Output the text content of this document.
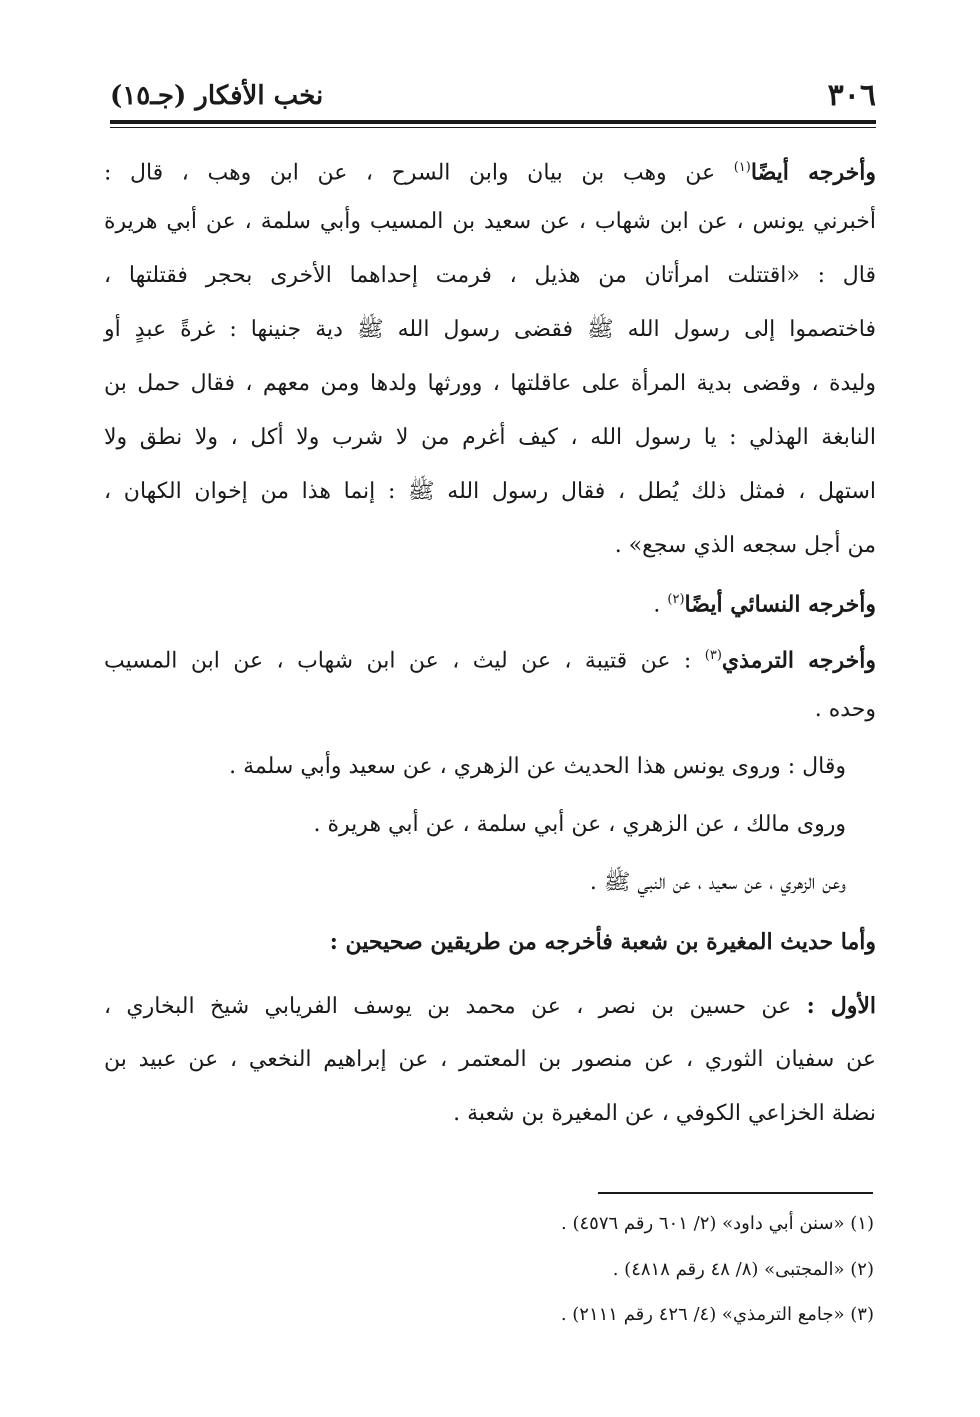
٣٠٦
نخب الأفكار (جـ١٥)
وأخرجه أيضًا$^{(١)}$ عن وهب بن بيان وابن السرح ، عن ابن وهب ، قال :
أخبرني يونس ، عن ابن شهاب ، عن سعيد بن المسيب وأبي سلمة ، عن أبي هريرة
قال : «اقتتلت امرأتان من هذيل ، فرمت إحداهما الأخرى بحجر فقتلتها ،
فاختصموا إلى رسول الله ﷺ فقضى رسول الله ﷺ دية جنينها : غرةً عبدٍ أو
وليدة ، وقضى بدية المرأة على عاقلتها ، وورثها ولدها ومن معهم ، فقال حمل بن
النابغة الهذلي : يا رسول الله ، كيف أغرم من لا شرب ولا أكل ، ولا نطق ولا
استهل ، فمثل ذلك يُطل ، فقال رسول الله ﷺ : إنما هذا من إخوان الكهان ،
من أجل سجعه الذي سجع» .
وأخرجه النسائي أيضًا$^{(٢)}$ .
وأخرجه الترمذي$^{(٣)}$ : عن قتيبة ، عن ليث ، عن ابن شهاب ، عن ابن المسيب
وحده .
وقال : وروى يونس هذا الحديث عن الزهري ، عن سعيد وأبي سلمة .
وروى مالك ، عن الزهري ، عن أبي سلمة ، عن أبي هريرة .
وعن الزهري ، عن سعيد ، عن النبي ﷺ .
وأما حديث المغيرة بن شعبة فأخرجه من طريقين صحيحين :
الأول : عن حسين بن نصر ، عن محمد بن يوسف الفريابي شيخ البخاري ،
عن سفيان الثوري ، عن منصور بن المعتمر ، عن إبراهيم النخعي ، عن عبيد بن
نضلة الخزاعي الكوفي ، عن المغيرة بن شعبة .
(١) «سنن أبي داود» (٢/ ٦٠١ رقم ٤٥٧٦) .
(٢) «المجتبى» (٨/ ٤٨ رقم ٤٨١٨) .
(٣) «جامع الترمذي» (٤/ ٤٢٦ رقم ٢١١١) .
